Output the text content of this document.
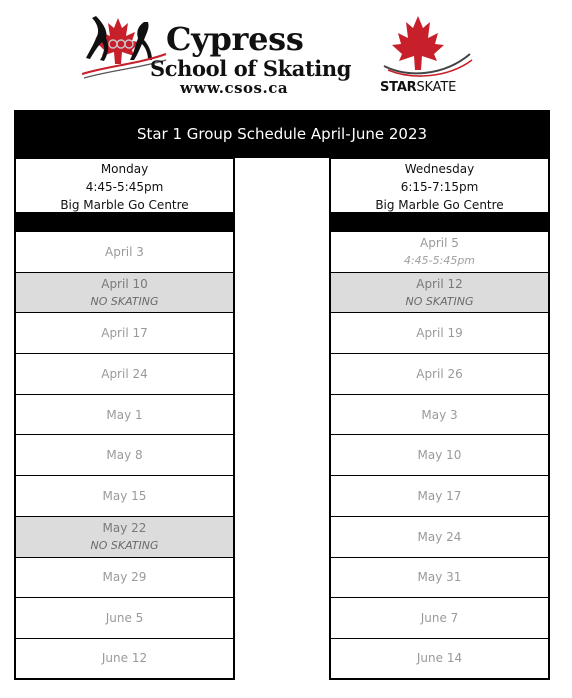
Cypress
School of Skating
www.csos.ca	STARSKATE
Star 1 Group Schedule April-June 2023
Monday
4:45-5:45pm
Big Marble Go Centre
April 3
April 10
NO SKATING
April 17
April 24
May 1
May 8
May 15
May 22
NO SKATING
May 29
June 5
June 12
Wednesday
6:15-7:15pm
Big Marble Go Centre
April 5
4:45-5:45pm
April 12
NO SKATING
April 19
April 26
May 3
May 10
May 17
May 24
May 31
June 7
June 14
